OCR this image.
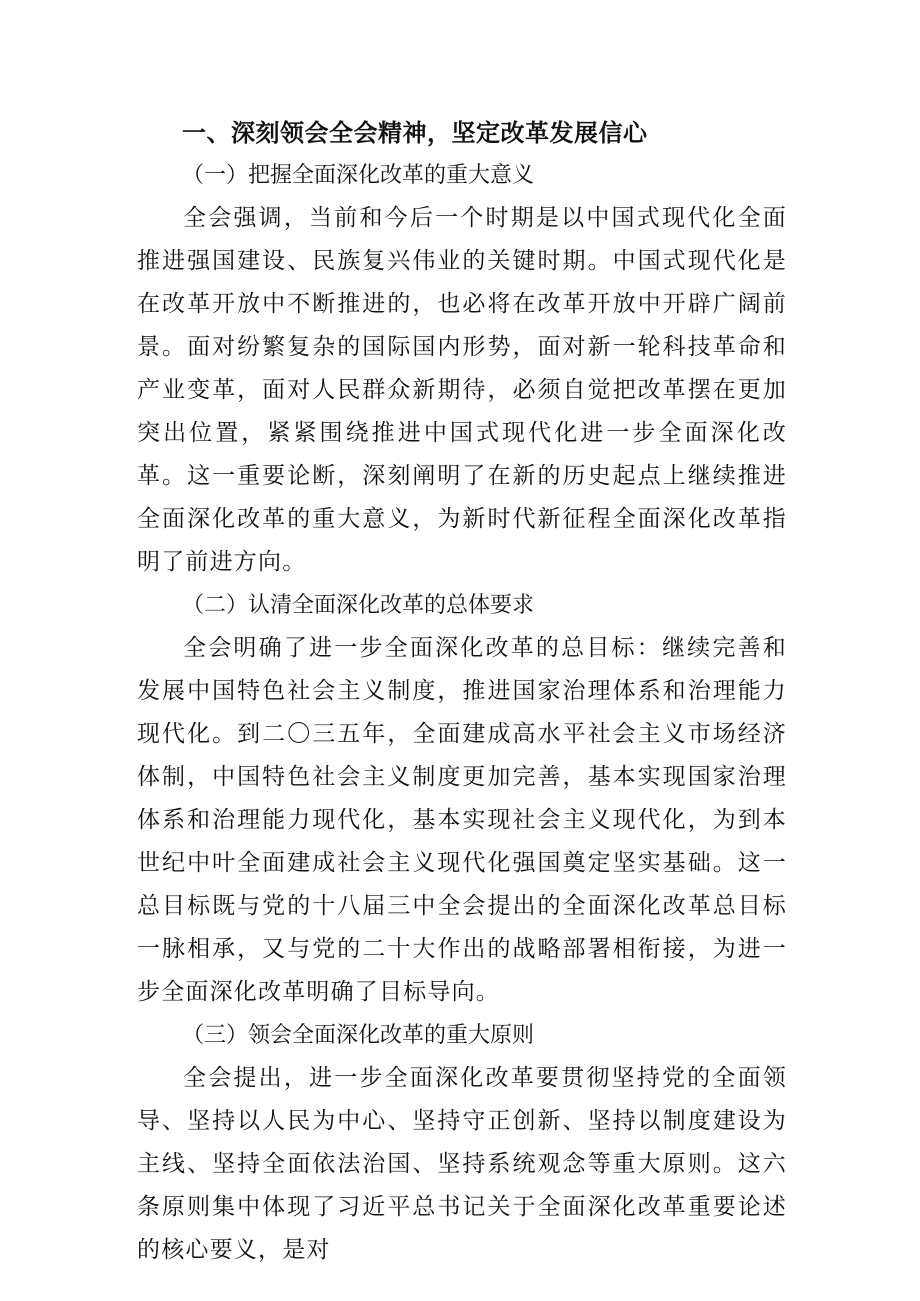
一、深刻领会全会精神，坚定改革发展信心
（一）把握全面深化改革的重大意义

全会强调，当前和今后一个时期是以中国式现代化全面推进强国建设、民族复兴伟业的关键时期。中国式现代化是在改革开放中不断推进的，也必将在改革开放中开辟广阔前景。面对纷繁复杂的国际国内形势，面对新一轮科技革命和产业变革，面对人民群众新期待，必须自觉把改革摆在更加突出位置，紧紧围绕推进中国式现代化进一步全面深化改革。这一重要论断，深刻阐明了在新的历史起点上继续推进全面深化改革的重大意义，为新时代新征程全面深化改革指明了前进方向。

（二）认清全面深化改革的总体要求

全会明确了进一步全面深化改革的总目标：继续完善和发展中国特色社会主义制度，推进国家治理体系和治理能力现代化。到二〇三五年，全面建成高水平社会主义市场经济体制，中国特色社会主义制度更加完善，基本实现国家治理体系和治理能力现代化，基本实现社会主义现代化，为到本世纪中叶全面建成社会主义现代化强国奠定坚实基础。这一总目标既与党的十八届三中全会提出的全面深化改革总目标一脉相承，又与党的二十大作出的战略部署相衔接，为进一步全面深化改革明确了目标导向。

（三）领会全面深化改革的重大原则

全会提出，进一步全面深化改革要贯彻坚持党的全面领导、坚持以人民为中心、坚持守正创新、坚持以制度建设为主线、坚持全面依法治国、坚持系统观念等重大原则。这六条原则集中体现了习近平总书记关于全面深化改革重要论述的核心要义，是对
